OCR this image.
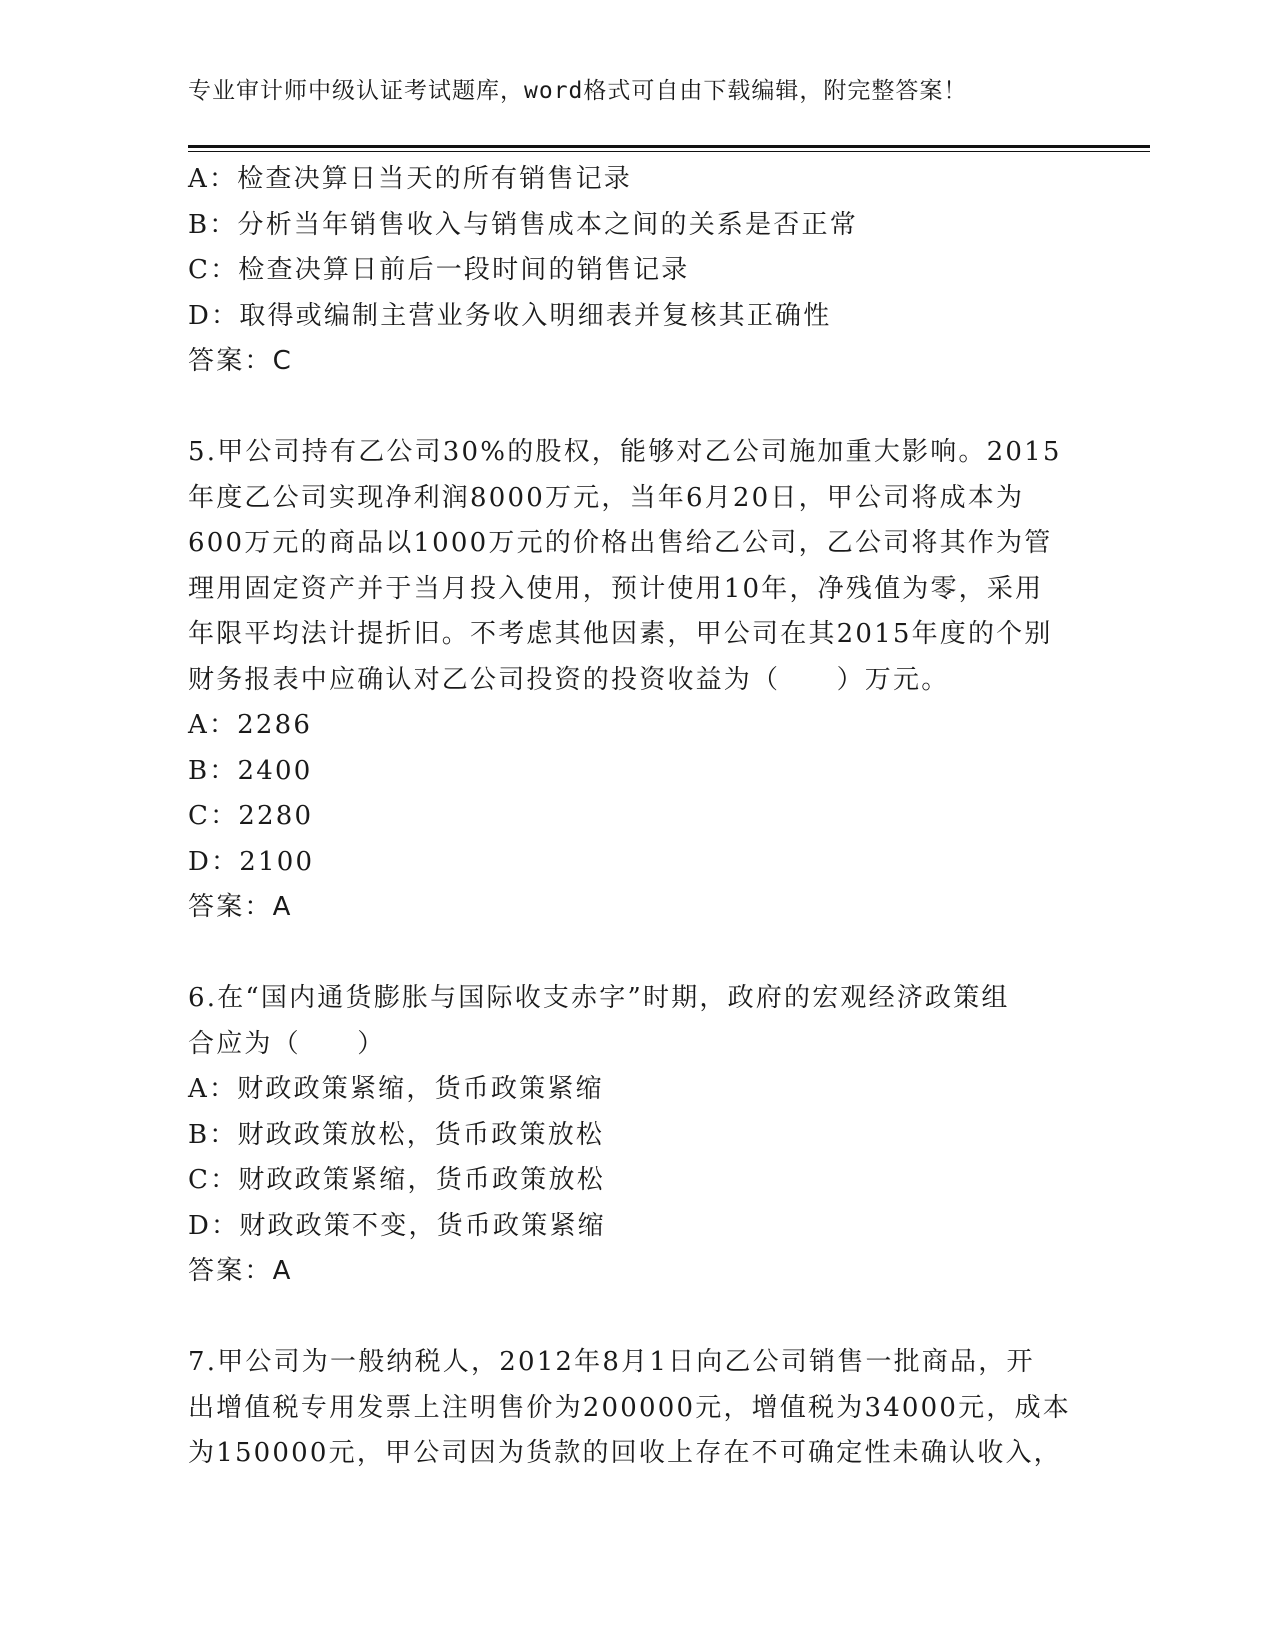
专业审计师中级认证考试题库，word格式可自由下载编辑，附完整答案！
A：检查决算日当天的所有销售记录
B：分析当年销售收入与销售成本之间的关系是否正常
C：检查决算日前后一段时间的销售记录
D：取得或编制主营业务收入明细表并复核其正确性
答案：C
5.甲公司持有乙公司30%的股权，能够对乙公司施加重大影响。2015
年度乙公司实现净利润8000万元，当年6月20日，甲公司将成本为
600万元的商品以1000万元的价格出售给乙公司，乙公司将其作为管
理用固定资产并于当月投入使用，预计使用10年，净残值为零，采用
年限平均法计提折旧。不考虑其他因素，甲公司在其2015年度的个别
财务报表中应确认对乙公司投资的投资收益为（　　）万元。
A：2286
B：2400
C：2280
D：2100
答案：A
6.在“国内通货膨胀与国际收支赤字”时期，政府的宏观经济政策组
合应为（　　）
A：财政政策紧缩，货币政策紧缩
B：财政政策放松，货币政策放松
C：财政政策紧缩，货币政策放松
D：财政政策不变，货币政策紧缩
答案：A
7.甲公司为一般纳税人，2012年8月1日向乙公司销售一批商品，开
出增值税专用发票上注明售价为200000元，增值税为34000元，成本
为150000元，甲公司因为货款的回收上存在不可确定性未确认收入，
